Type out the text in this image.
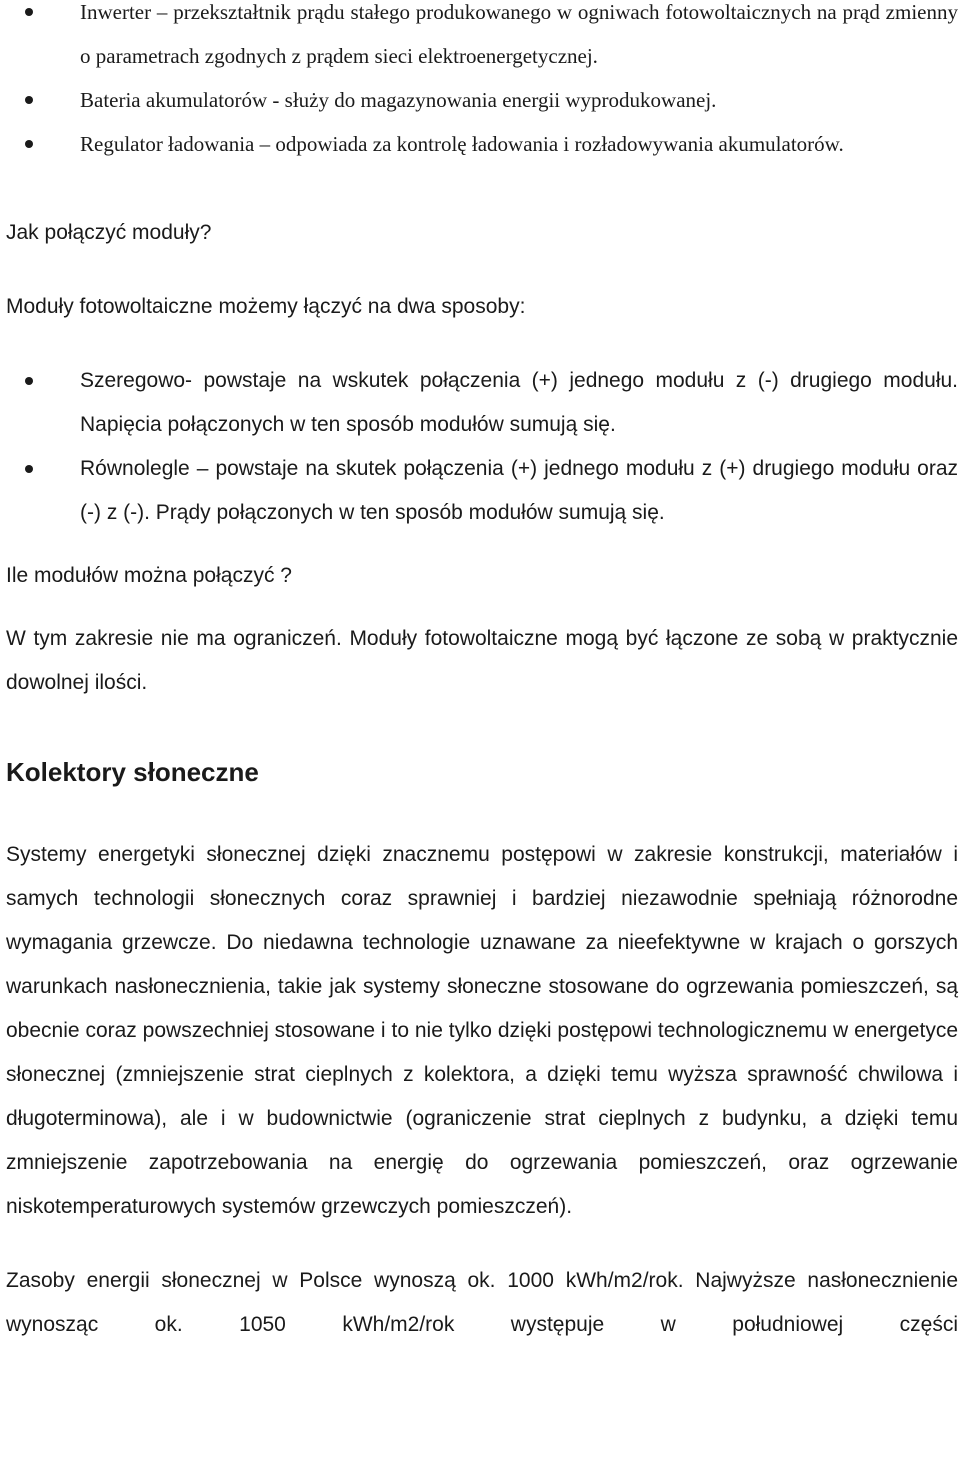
Inwerter – przekształtnik prądu stałego produkowanego w ogniwach fotowoltaicznych na prąd zmienny o parametrach zgodnych z prądem sieci elektroenergetycznej.
Bateria akumulatorów - służy do magazynowania energii wyprodukowanej.
Regulator ładowania – odpowiada za kontrolę ładowania i rozładowywania akumulatorów.

Jak połączyć moduły?

Moduły fotowoltaiczne możemy łączyć na dwa sposoby:

Szeregowo- powstaje na wskutek połączenia (+) jednego modułu z (-) drugiego modułu. Napięcia połączonych w ten sposób modułów sumują się.
Równolegle – powstaje na skutek połączenia (+) jednego modułu z (+) drugiego modułu oraz (-) z (-). Prądy połączonych w ten sposób modułów sumują się.

Ile modułów można połączyć ?

W tym zakresie nie ma ograniczeń. Moduły fotowoltaiczne mogą być łączone ze sobą w praktycznie dowolnej ilości.

Kolektory słoneczne

Systemy energetyki słonecznej dzięki znacznemu postępowi w zakresie konstrukcji, materiałów i samych technologii słonecznych coraz sprawniej i bardziej niezawodnie spełniają różnorodne wymagania grzewcze. Do niedawna technologie uznawane za nieefektywne w krajach o gorszych warunkach nasłonecznienia, takie jak systemy słoneczne stosowane do ogrzewania pomieszczeń, są obecnie coraz powszechniej stosowane i to nie tylko dzięki postępowi technologicznemu w energetyce słonecznej (zmniejszenie strat cieplnych z kolektora, a dzięki temu wyższa sprawność chwilowa i długoterminowa), ale i w budownictwie (ograniczenie strat cieplnych z budynku, a dzięki temu zmniejszenie zapotrzebowania na energię do ogrzewania pomieszczeń, oraz ogrzewanie niskotemperaturowych systemów grzewczych pomieszczeń).

Zasoby energii słonecznej w Polsce wynoszą ok. 1000 kWh/m2/rok. Najwyższe nasłonecznienie wynosząc ok. 1050 kWh/m2/rok występuje w południowej części
